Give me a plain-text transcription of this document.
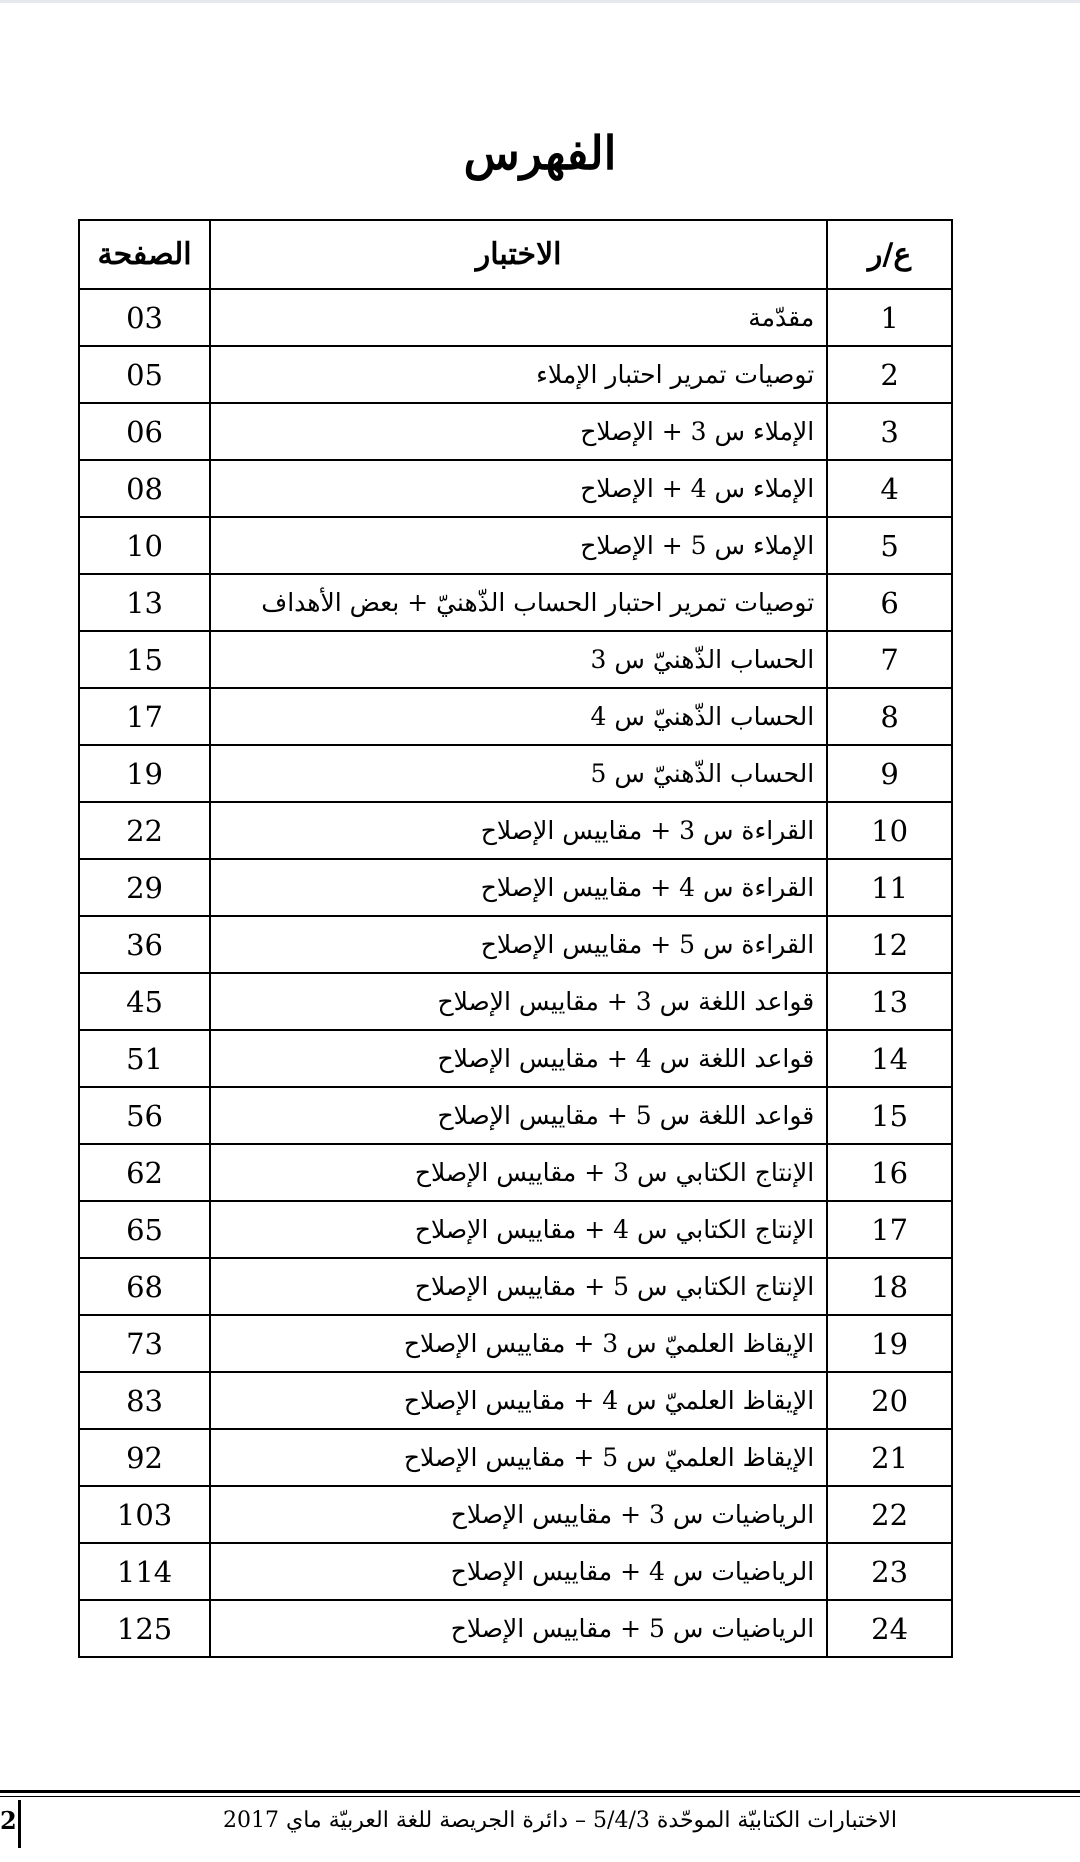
الفهرس
ع/ر	الاختبار	الصفحة
1	مقدّمة	03
2	توصيات تمرير احتبار الإملاء	05
3	الإملاء س 3 + الإصلاح	06
4	الإملاء س 4 + الإصلاح	08
5	الإملاء س 5 + الإصلاح	10
6	توصيات تمرير احتبار الحساب الذّهنيّ + بعض الأهداف	13
7	الحساب الذّهنيّ س 3	15
8	الحساب الذّهنيّ س 4	17
9	الحساب الذّهنيّ س 5	19
10	القراءة س 3 + مقاييس الإصلاح	22
11	القراءة س 4 + مقاييس الإصلاح	29
12	القراءة س 5 + مقاييس الإصلاح	36
13	قواعد اللغة س 3 + مقاييس الإصلاح	45
14	قواعد اللغة س 4 + مقاييس الإصلاح	51
15	قواعد اللغة س 5 + مقاييس الإصلاح	56
16	الإنتاج الكتابي س 3 + مقاييس الإصلاح	62
17	الإنتاج الكتابي س 4 + مقاييس الإصلاح	65
18	الإنتاج الكتابي س 5 + مقاييس الإصلاح	68
19	الإيقاظ العلميّ س 3 + مقاييس الإصلاح	73
20	الإيقاظ العلميّ س 4 + مقاييس الإصلاح	83
21	الإيقاظ العلميّ س 5 + مقاييس الإصلاح	92
22	الرياضيات س 3 + مقاييس الإصلاح	103
23	الرياضيات س 4 + مقاييس الإصلاح	114
24	الرياضيات س 5 + مقاييس الإصلاح	125
2	الاختبارات الكتابيّة الموحّدة 5/4/3 – دائرة الجريصة للغة العربيّة ماي 2017
